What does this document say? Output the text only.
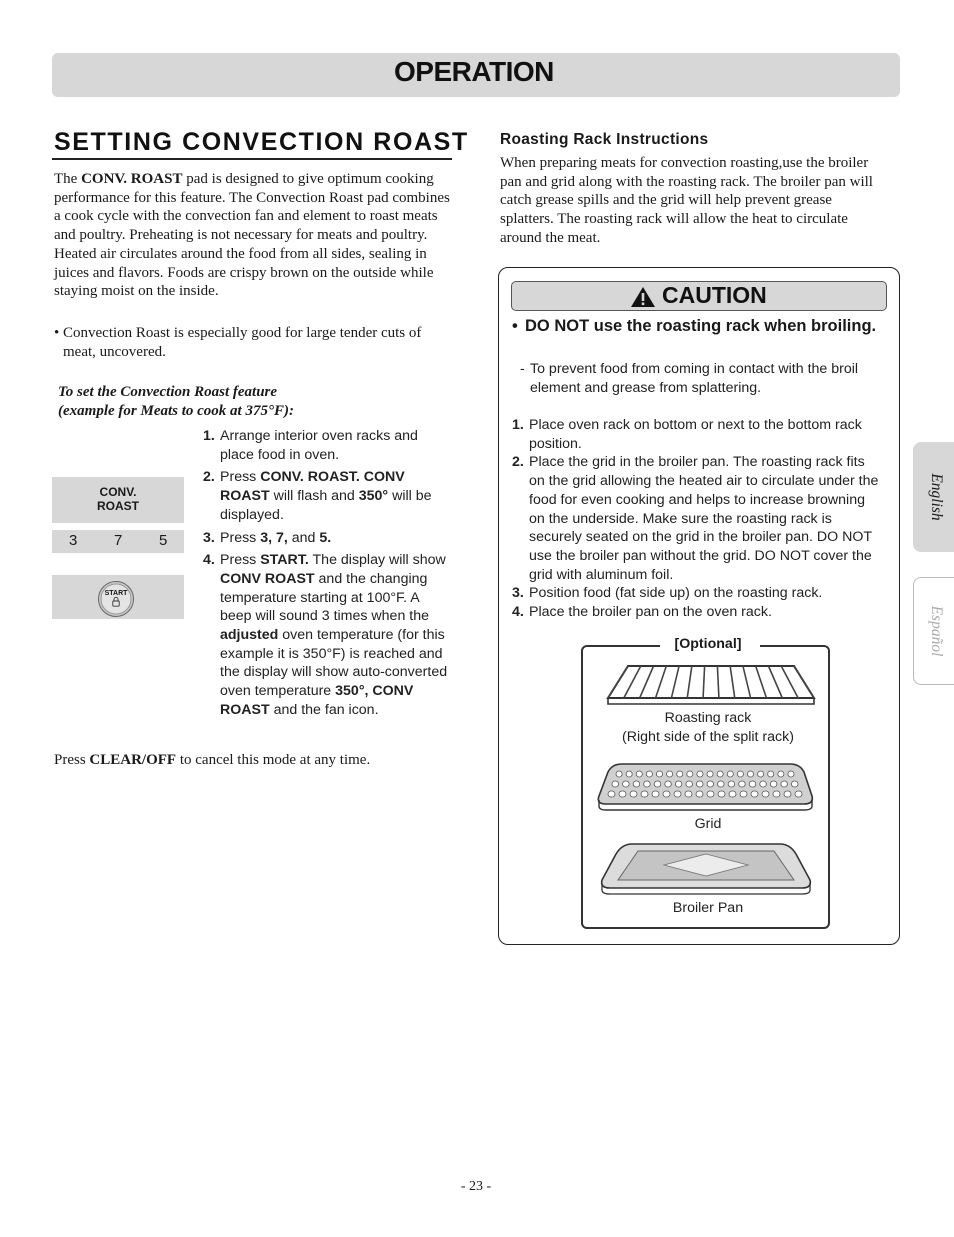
OPERATION
SETTING CONVECTION ROAST
The CONV. ROAST pad is designed to give optimum cooking performance for this feature. The Convection Roast pad combines a cook cycle with the convection fan and element to roast meats and poultry. Preheating is not necessary for meats and poultry. Heated air circulates around the food from all sides, sealing in juices and flavors. Foods are crispy brown on the outside while staying moist on the inside.
• Convection Roast is especially good for large tender cuts of meat, uncovered.
To set the Convection Roast feature
(example for Meats to cook at 375°F):
CONV.
ROAST
3 7 5
START
1. Arrange interior oven racks and place food in oven.
2. Press CONV. ROAST. CONV ROAST will flash and 350° will be displayed.
3. Press 3, 7, and 5.
4. Press START. The display will show CONV ROAST and the changing temperature starting at 100°F. A beep will sound 3 times when the adjusted oven temperature (for this example it is 350°F) is reached and the display will show auto-converted oven temperature 350°, CONV ROAST and the fan icon.
Press CLEAR/OFF to cancel this mode at any time.
Roasting Rack Instructions
When preparing meats for convection roasting,use the broiler pan and grid along with the roasting rack. The broiler pan will catch grease spills and the grid will help prevent grease splatters. The roasting rack will allow the heat to circulate around the meat.
CAUTION
• DO NOT use the roasting rack when broiling.
- To prevent food from coming in contact with the broil element and grease from splattering.
1. Place oven rack on bottom or next to the bottom rack position.
2. Place the grid in the broiler pan. The roasting rack fits on the grid allowing the heated air to circulate under the food for even cooking and helps to increase browning on the underside. Make sure the roasting rack is securely seated on the grid in the broiler pan. DO NOT use the broiler pan without the grid. DO NOT cover the grid with aluminum foil.
3. Position food (fat side up) on the roasting rack.
4. Place the broiler pan on the oven rack.
[Optional]
Roasting rack
(Right side of the split rack)
Grid
Broiler Pan
English
Español
- 23 -
